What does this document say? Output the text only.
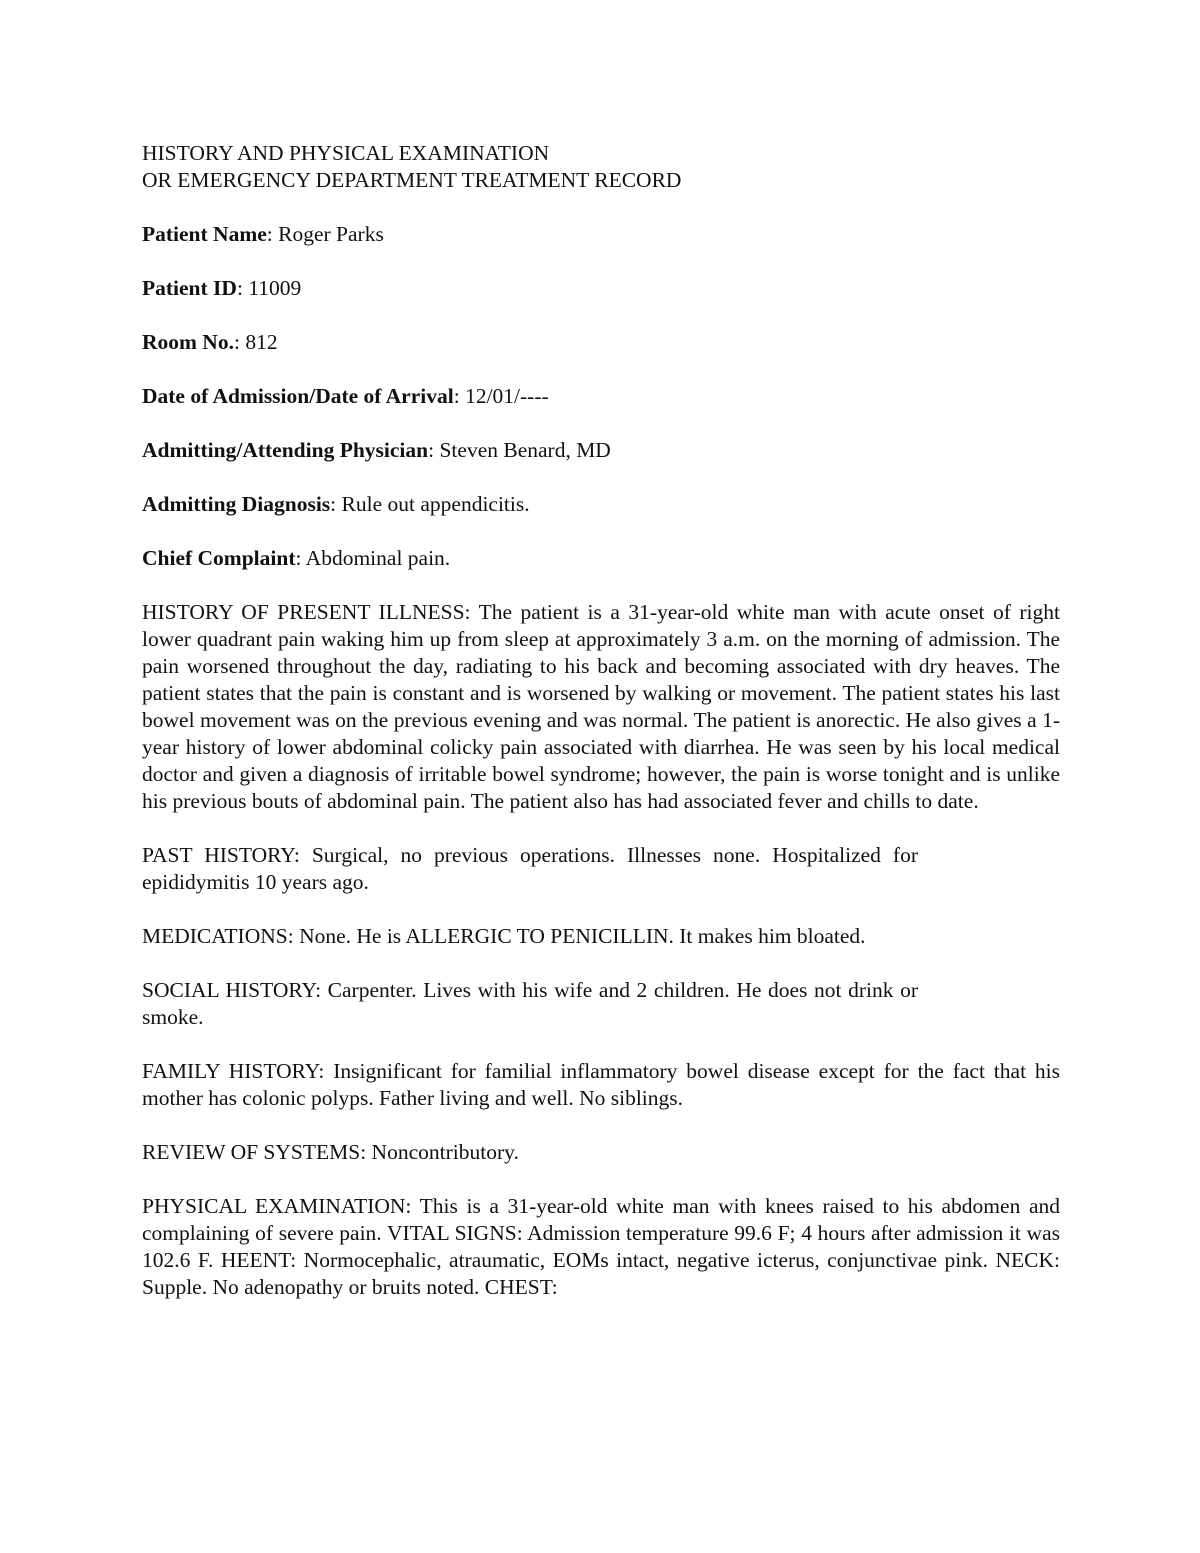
HISTORY AND PHYSICAL EXAMINATION
OR EMERGENCY DEPARTMENT TREATMENT RECORD

Patient Name: Roger Parks

Patient ID: 11009

Room No.: 812

Date of Admission/Date of Arrival: 12/01/----

Admitting/Attending Physician: Steven Benard, MD

Admitting Diagnosis: Rule out appendicitis.

Chief Complaint: Abdominal pain.

HISTORY OF PRESENT ILLNESS: The patient is a 31-year-old white man with acute onset of right lower quadrant pain waking him up from sleep at approximately 3 a.m. on the morning of admission. The pain worsened throughout the day, radiating to his back and becoming associated with dry heaves. The patient states that the pain is constant and is worsened by walking or movement. The patient states his last bowel movement was on the previous evening and was normal. The patient is anorectic. He also gives a 1-year history of lower abdominal colicky pain associated with diarrhea. He was seen by his local medical doctor and given a diagnosis of irritable bowel syndrome; however, the pain is worse tonight and is unlike his previous bouts of abdominal pain. The patient also has had associated fever and chills to date.

PAST HISTORY: Surgical, no previous operations. Illnesses none. Hospitalized for epididymitis 10 years ago.

MEDICATIONS: None. He is ALLERGIC TO PENICILLIN. It makes him bloated.

SOCIAL HISTORY: Carpenter. Lives with his wife and 2 children. He does not drink or smoke.

FAMILY HISTORY: Insignificant for familial inflammatory bowel disease except for the fact that his mother has colonic polyps. Father living and well. No siblings.

REVIEW OF SYSTEMS: Noncontributory.

PHYSICAL EXAMINATION: This is a 31-year-old white man with knees raised to his abdomen and complaining of severe pain. VITAL SIGNS: Admission temperature 99.6 F; 4 hours after admission it was 102.6 F. HEENT: Normocephalic, atraumatic, EOMs intact, negative icterus, conjunctivae pink. NECK: Supple. No adenopathy or bruits noted. CHEST:
